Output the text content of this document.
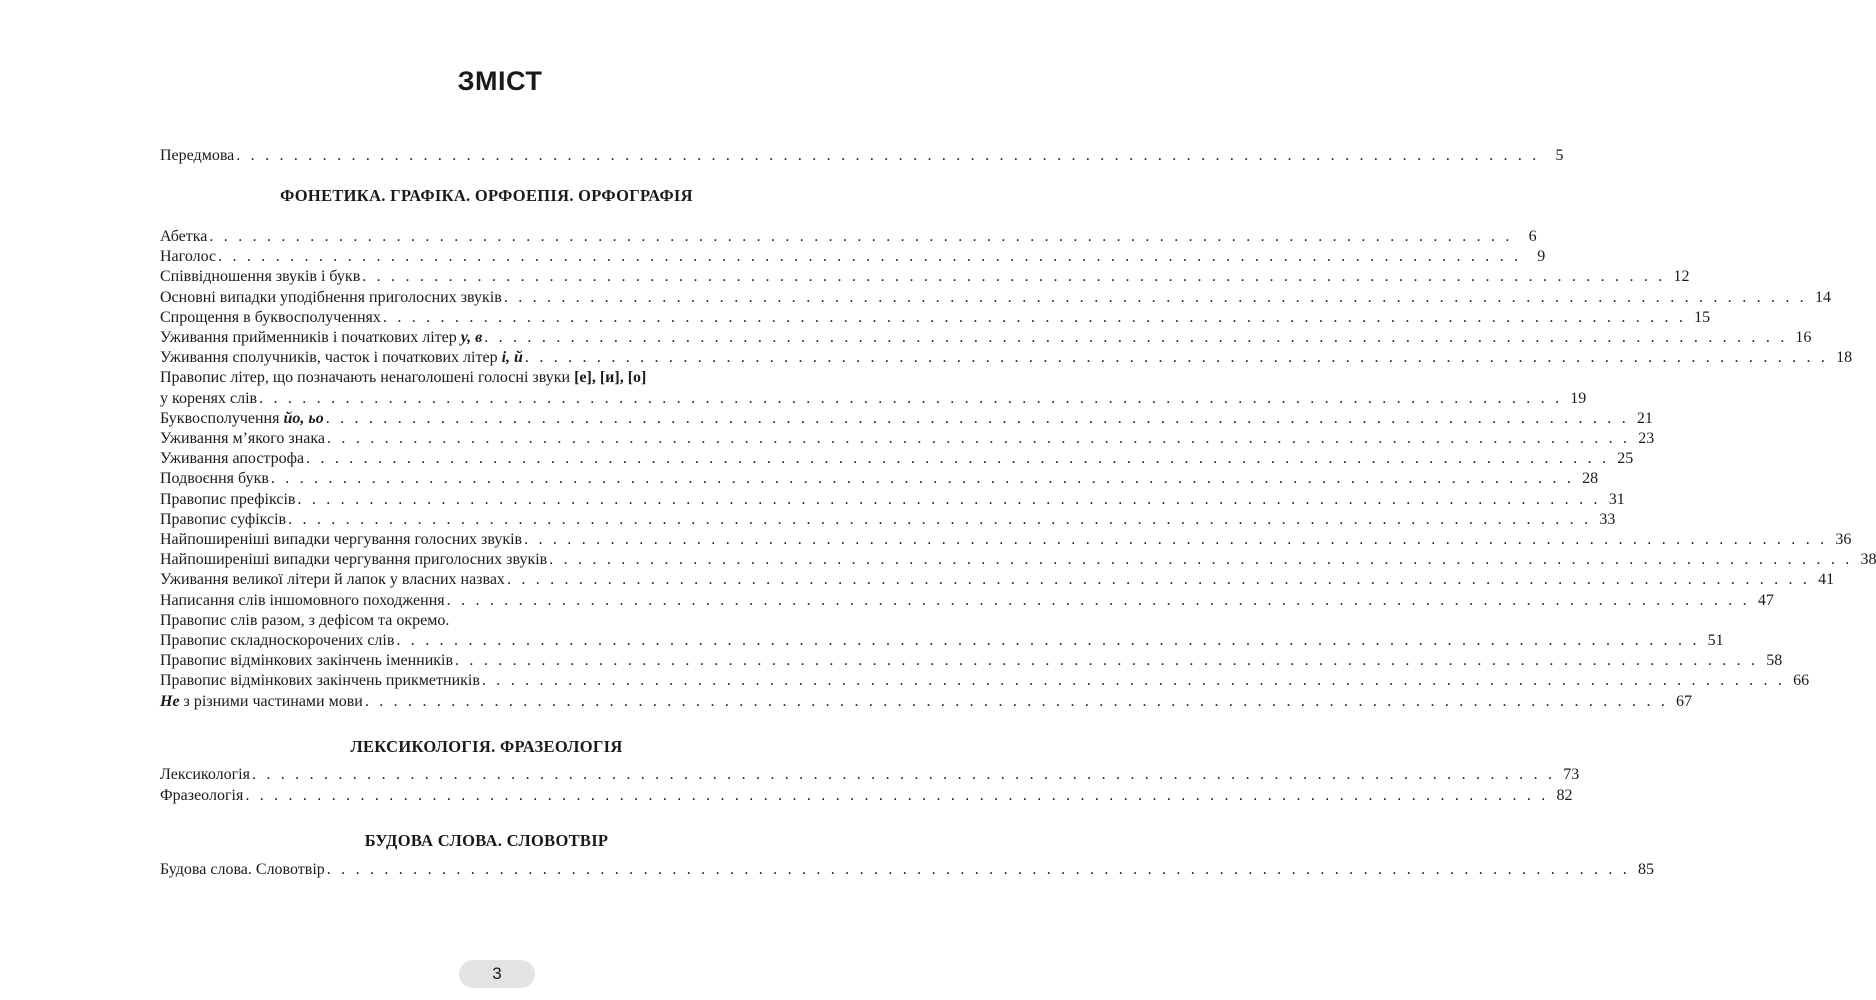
ЗМІСТ
Передмова . . . . . . . . . . . . . . . . . . . . . . . . . . . . . . . . . . . . . . . . . . . . . . . . . . . . . . . . . . . . . . . . . . . . . . . . . . . . . . . . . . . . . . . . . . .	5
ФОНЕТИКА. ГРАФІКА. ОРФОЕПІЯ. ОРФОГРАФІЯ
Абетка . . . . . . . . . . . . . . . . . . . . . . . . . . . . . . . . . . . . . . . . . . . . . . . . . . . . . . . . . . . . . . . . . . . . . . . . . . . . . . . . . . . . . . . . . . .	6
Наголос . . . . . . . . . . . . . . . . . . . . . . . . . . . . . . . . . . . . . . . . . . . . . . . . . . . . . . . . . . . . . . . . . . . . . . . . . . . . . . . . . . . . . . . . . . .	9
Співвідношення звуків і букв . . . . . . . . . . . . . . . . . . . . . . . . . . . . . . . . . . . . . . . . . . . . . . . . . . . . . . . . . . . . . . . . . . . . . . . . . . . . . . . . . . . . . . . . . . . 12
Основні випадки уподібнення приголосних звуків . . . . . . . . . . . . . . . . . . . . . . . . . . . . . . . . . . . . . . . . . . . . . . . . . . . . . . . . . . . . . . . . . . . . . . . . . . . . . . . . . . . . . . . . . . . 14
Спрощення в буквосполученнях . . . . . . . . . . . . . . . . . . . . . . . . . . . . . . . . . . . . . . . . . . . . . . . . . . . . . . . . . . . . . . . . . . . . . . . . . . . . . . . . . . . . . . . . . . . 15
Уживання прийменників і початкових літер у, в . . . . . . . . . . . . . . . . . . . . . . . . . . . . . . . . . . . . . . . . . . . . . . . . . . . . . . . . . . . . . . . . . . . . . . . . . . . . . . . . . . . . . . . . . . . 16
Уживання сполучників, часток і початкових літер і, й . . . . . . . . . . . . . . . . . . . . . . . . . . . . . . . . . . . . . . . . . . . . . . . . . . . . . . . . . . . . . . . . . . . . . . . . . . . . . . . . . . . . . . . . . . . 18
Правопис літер, що позначають ненаголошені голосні звуки [е], [и], [о]
у коренях слів . . . . . . . . . . . . . . . . . . . . . . . . . . . . . . . . . . . . . . . . . . . . . . . . . . . . . . . . . . . . . . . . . . . . . . . . . . . . . . . . . . . . . . . . . . . 19
Буквосполучення йо, ьо . . . . . . . . . . . . . . . . . . . . . . . . . . . . . . . . . . . . . . . . . . . . . . . . . . . . . . . . . . . . . . . . . . . . . . . . . . . . . . . . . . . . . . . . . . . 21
Уживання м’якого знака . . . . . . . . . . . . . . . . . . . . . . . . . . . . . . . . . . . . . . . . . . . . . . . . . . . . . . . . . . . . . . . . . . . . . . . . . . . . . . . . . . . . . . . . . . . 23
Уживання апострофа . . . . . . . . . . . . . . . . . . . . . . . . . . . . . . . . . . . . . . . . . . . . . . . . . . . . . . . . . . . . . . . . . . . . . . . . . . . . . . . . . . . . . . . . . . . 25
Подвоєння букв . . . . . . . . . . . . . . . . . . . . . . . . . . . . . . . . . . . . . . . . . . . . . . . . . . . . . . . . . . . . . . . . . . . . . . . . . . . . . . . . . . . . . . . . . . . 28
Правопис префіксів . . . . . . . . . . . . . . . . . . . . . . . . . . . . . . . . . . . . . . . . . . . . . . . . . . . . . . . . . . . . . . . . . . . . . . . . . . . . . . . . . . . . . . . . . . . 31
Правопис суфіксів . . . . . . . . . . . . . . . . . . . . . . . . . . . . . . . . . . . . . . . . . . . . . . . . . . . . . . . . . . . . . . . . . . . . . . . . . . . . . . . . . . . . . . . . . . . 33
Найпоширеніші випадки чергування голосних звуків . . . . . . . . . . . . . . . . . . . . . . . . . . . . . . . . . . . . . . . . . . . . . . . . . . . . . . . . . . . . . . . . . . . . . . . . . . . . . . . . . . . . . . . . . . . 36
Найпоширеніші випадки чергування приголосних звуків . . . . . . . . . . . . . . . . . . . . . . . . . . . . . . . . . . . . . . . . . . . . . . . . . . . . . . . . . . . . . . . . . . . . . . . . . . . . . . . . . . . . . . . . . . . 38
Уживання великої літери й лапок у власних назвах . . . . . . . . . . . . . . . . . . . . . . . . . . . . . . . . . . . . . . . . . . . . . . . . . . . . . . . . . . . . . . . . . . . . . . . . . . . . . . . . . . . . . . . . . . . 41
Написання слів іншомовного походження . . . . . . . . . . . . . . . . . . . . . . . . . . . . . . . . . . . . . . . . . . . . . . . . . . . . . . . . . . . . . . . . . . . . . . . . . . . . . . . . . . . . . . . . . . . 47
Правопис слів разом, з дефісом та окремо.
Правопис складноскорочених слів . . . . . . . . . . . . . . . . . . . . . . . . . . . . . . . . . . . . . . . . . . . . . . . . . . . . . . . . . . . . . . . . . . . . . . . . . . . . . . . . . . . . . . . . . . . 51
Правопис відмінкових закінчень іменників . . . . . . . . . . . . . . . . . . . . . . . . . . . . . . . . . . . . . . . . . . . . . . . . . . . . . . . . . . . . . . . . . . . . . . . . . . . . . . . . . . . . . . . . . . . 58
Правопис відмінкових закінчень прикметників . . . . . . . . . . . . . . . . . . . . . . . . . . . . . . . . . . . . . . . . . . . . . . . . . . . . . . . . . . . . . . . . . . . . . . . . . . . . . . . . . . . . . . . . . . . 66
Не з різними частинами мови . . . . . . . . . . . . . . . . . . . . . . . . . . . . . . . . . . . . . . . . . . . . . . . . . . . . . . . . . . . . . . . . . . . . . . . . . . . . . . . . . . . . . . . . . . . 67
ЛЕКСИКОЛОГІЯ. ФРАЗЕОЛОГІЯ
Лексикологія . . . . . . . . . . . . . . . . . . . . . . . . . . . . . . . . . . . . . . . . . . . . . . . . . . . . . . . . . . . . . . . . . . . . . . . . . . . . . . . . . . . . . . . . . . . 73
Фразеологія . . . . . . . . . . . . . . . . . . . . . . . . . . . . . . . . . . . . . . . . . . . . . . . . . . . . . . . . . . . . . . . . . . . . . . . . . . . . . . . . . . . . . . . . . . . 82
БУДОВА СЛОВА. СЛОВОТВІР
Будова слова. Словотвір . . . . . . . . . . . . . . . . . . . . . . . . . . . . . . . . . . . . . . . . . . . . . . . . . . . . . . . . . . . . . . . . . . . . . . . . . . . . . . . . . . . . . . . . . . . 85
3
